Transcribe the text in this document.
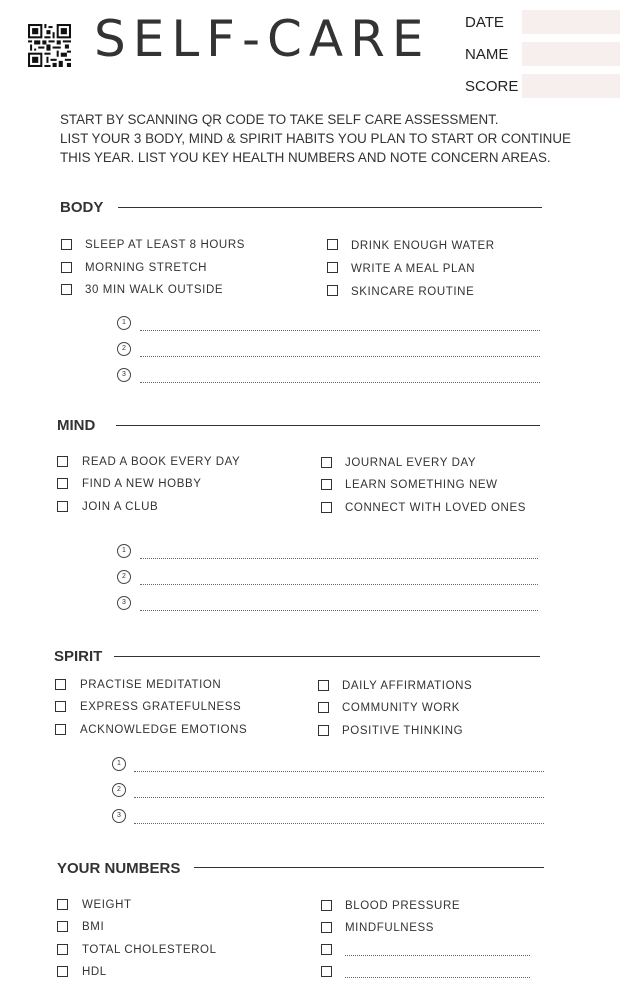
SELF-CARE DATE
NAME
SCORE
START BY SCANNING QR CODE TO TAKE SELF CARE ASSESSMENT.
LIST YOUR 3 BODY, MIND & SPIRIT HABITS YOU PLAN TO START OR CONTINUE
THIS YEAR. LIST YOU KEY HEALTH NUMBERS AND NOTE CONCERN AREAS.
BODY
SLEEP AT LEAST 8 HOURS
MORNING STRETCH
30 MIN WALK OUTSIDE
DRINK ENOUGH WATER
WRITE A MEAL PLAN
SKINCARE ROUTINE
1
2
3
MIND
READ A BOOK EVERY DAY
FIND A NEW HOBBY
JOIN A CLUB
JOURNAL EVERY DAY
LEARN SOMETHING NEW
CONNECT WITH LOVED ONES
1
2
3
SPIRIT
PRACTISE MEDITATION
EXPRESS GRATEFULNESS
ACKNOWLEDGE EMOTIONS
DAILY AFFIRMATIONS
COMMUNITY WORK
POSITIVE THINKING
1
2
3
YOUR NUMBERS
WEIGHT
BMI
TOTAL CHOLESTEROL
HDL
BLOOD PRESSURE
MINDFULNESS
